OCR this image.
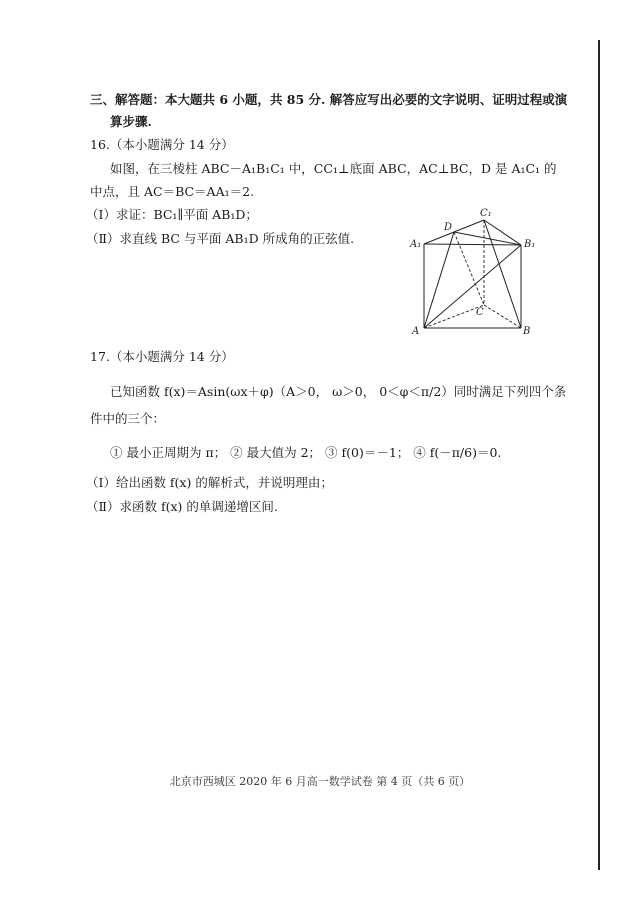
三、解答题：本大题共 6 小题，共 85 分. 解答应写出必要的文字说明、证明过程或演
算步骤.
16.（本小题满分 14 分）
如图，在三棱柱 ABC－A₁B₁C₁ 中，CC₁⊥底面 ABC，AC⊥BC，D 是 A₁C₁ 的
中点，且 AC＝BC＝AA₁＝2.
（Ⅰ）求证：BC₁∥平面 AB₁D；
（Ⅱ）求直线 BC 与平面 AB₁D 所成角的正弦值.
C₁
D
A₁	B₁
C
A	B
17.（本小题满分 14 分）
已知函数 f(x)＝Asin(ωx＋φ)（A＞0， ω＞0， 0＜φ＜π/2）同时满足下列四个条
件中的三个：
① 最小正周期为 π； ② 最大值为 2； ③ f(0)＝－1； ④ f(－π/6)＝0.
（Ⅰ）给出函数 f(x) 的解析式，并说明理由；
（Ⅱ）求函数 f(x) 的单调递增区间.
北京市西城区 2020 年 6 月高一数学试卷 第 4 页（共 6 页）
